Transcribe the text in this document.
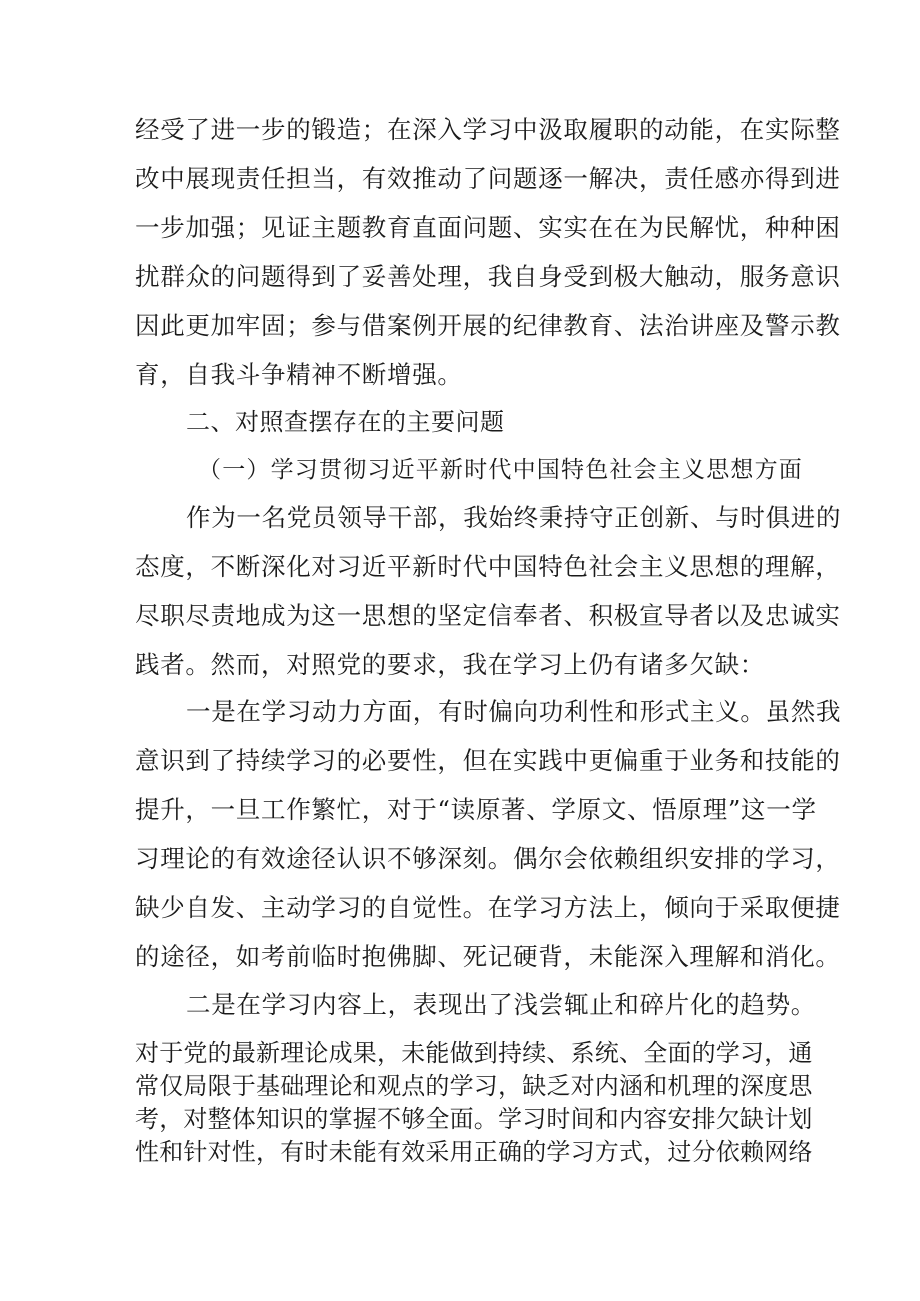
经受了进一步的锻造；在深入学习中汲取履职的动能，在实际整
改中展现责任担当，有效推动了问题逐一解决，责任感亦得到进
一步加强；见证主题教育直面问题、实实在在为民解忧，种种困
扰群众的问题得到了妥善处理，我自身受到极大触动，服务意识
因此更加牢固；参与借案例开展的纪律教育、法治讲座及警示教
育，自我斗争精神不断增强。
二、对照查摆存在的主要问题
（一）学习贯彻习近平新时代中国特色社会主义思想方面
作为一名党员领导干部，我始终秉持守正创新、与时俱进的
态度，不断深化对习近平新时代中国特色社会主义思想的理解，
尽职尽责地成为这一思想的坚定信奉者、积极宣导者以及忠诚实
践者。然而，对照党的要求，我在学习上仍有诸多欠缺：
一是在学习动力方面，有时偏向功利性和形式主义。虽然我
意识到了持续学习的必要性，但在实践中更偏重于业务和技能的
提升，一旦工作繁忙，对于“读原著、学原文、悟原理”这一学
习理论的有效途径认识不够深刻。偶尔会依赖组织安排的学习，
缺少自发、主动学习的自觉性。在学习方法上，倾向于采取便捷
的途径，如考前临时抱佛脚、死记硬背，未能深入理解和消化。
二是在学习内容上，表现出了浅尝辄止和碎片化的趋势。
对于党的最新理论成果，未能做到持续、系统、全面的学习，通
常仅局限于基础理论和观点的学习，缺乏对内涵和机理的深度思
考，对整体知识的掌握不够全面。学习时间和内容安排欠缺计划
性和针对性，有时未能有效采用正确的学习方式，过分依赖网络
